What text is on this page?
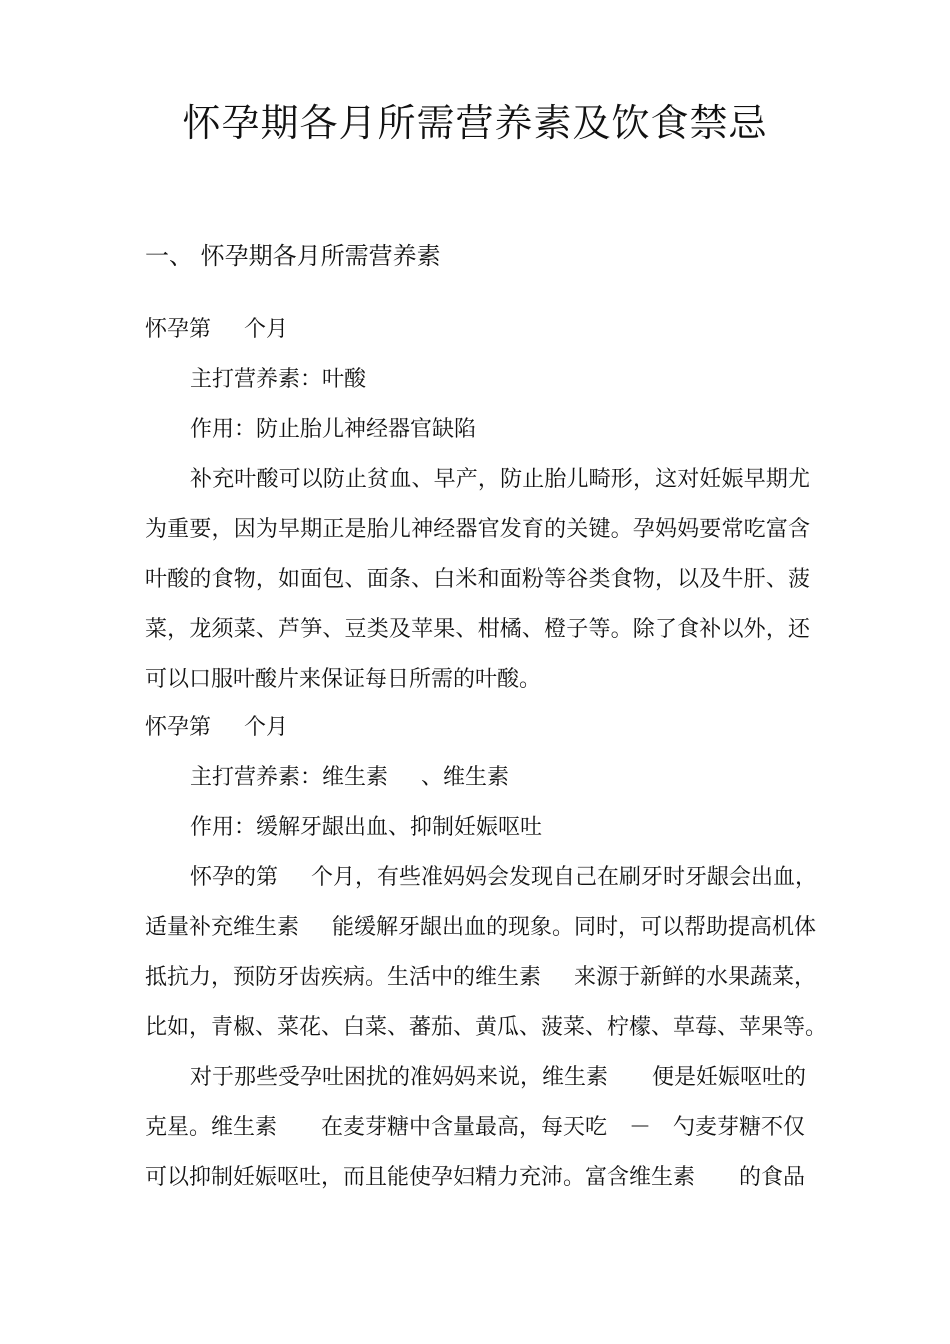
怀孕期各月所需营养素及饮食禁忌
一、 怀孕期各月所需营养素
怀孕第 个月
主打营养素：叶酸
作用：防止胎儿神经器官缺陷
补充叶酸可以防止贫血、早产，防止胎儿畸形，这对妊娠早期尤
为重要，因为早期正是胎儿神经器官发育的关键。孕妈妈要常吃富含
叶酸的食物，如面包、面条、白米和面粉等谷类食物，以及牛肝、菠
菜，龙须菜、芦笋、豆类及苹果、柑橘、橙子等。除了食补以外，还
可以口服叶酸片来保证每日所需的叶酸。
怀孕第 个月
主打营养素：维生素 、维生素
作用：缓解牙龈出血、抑制妊娠呕吐
怀孕的第 个月，有些准妈妈会发现自己在刷牙时牙龈会出血，
适量补充维生素 能缓解牙龈出血的现象。同时，可以帮助提高机体
抵抗力，预防牙齿疾病。生活中的维生素 来源于新鲜的水果蔬菜，
比如，青椒、菜花、白菜、蕃茄、黄瓜、菠菜、柠檬、草莓、苹果等。
对于那些受孕吐困扰的准妈妈来说，维生素 便是妊娠呕吐的
克星。维生素 在麦芽糖中含量最高，每天吃 － 勺麦芽糖不仅
可以抑制妊娠呕吐，而且能使孕妇精力充沛。富含维生素 的食品
